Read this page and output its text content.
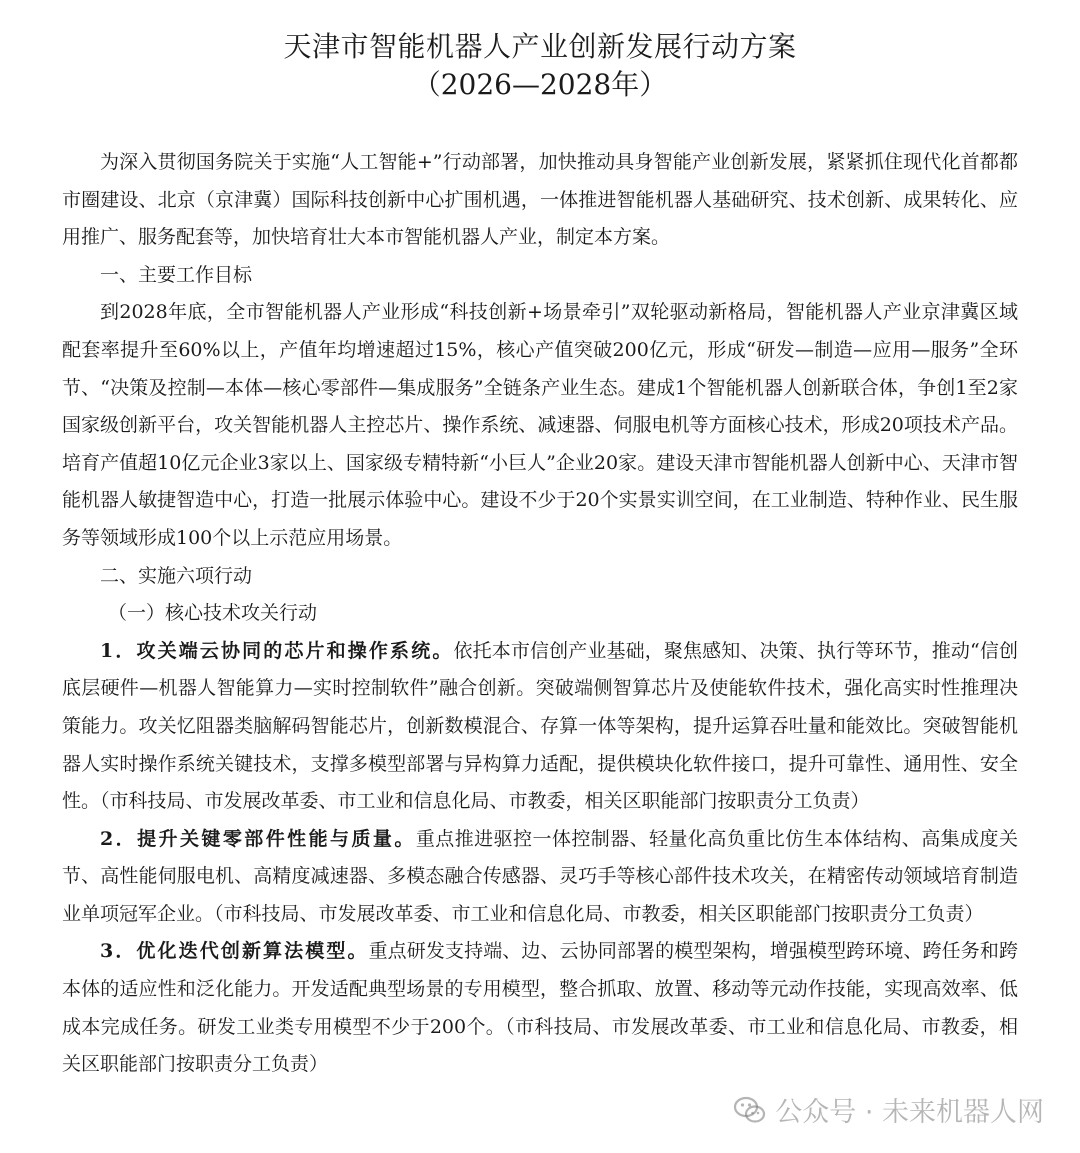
天津市智能机器人产业创新发展行动方案
（2026—2028年）

为深入贯彻国务院关于实施“人工智能+”行动部署，加快推动具身智能产业创新发展，紧紧抓住现代化首都都市圈建设、北京（京津冀）国际科技创新中心扩围机遇，一体推进智能机器人基础研究、技术创新、成果转化、应用推广、服务配套等，加快培育壮大本市智能机器人产业，制定本方案。

一、主要工作目标

到2028年底，全市智能机器人产业形成“科技创新+场景牵引”双轮驱动新格局，智能机器人产业京津冀区域配套率提升至60%以上，产值年均增速超过15%，核心产值突破200亿元，形成“研发—制造—应用—服务”全环节、“决策及控制—本体—核心零部件—集成服务”全链条产业生态。建成1个智能机器人创新联合体，争创1至2家国家级创新平台，攻关智能机器人主控芯片、操作系统、减速器、伺服电机等方面核心技术，形成20项技术产品。培育产值超10亿元企业3家以上、国家级专精特新“小巨人”企业20家。建设天津市智能机器人创新中心、天津市智能机器人敏捷智造中心，打造一批展示体验中心。建设不少于20个实景实训空间，在工业制造、特种作业、民生服务等领域形成100个以上示范应用场景。

二、实施六项行动

（一）核心技术攻关行动

1．攻关端云协同的芯片和操作系统。依托本市信创产业基础，聚焦感知、决策、执行等环节，推动“信创底层硬件—机器人智能算力—实时控制软件”融合创新。突破端侧智算芯片及使能软件技术，强化高实时性推理决策能力。攻关忆阻器类脑解码智能芯片，创新数模混合、存算一体等架构，提升运算吞吐量和能效比。突破智能机器人实时操作系统关键技术，支撑多模型部署与异构算力适配，提供模块化软件接口，提升可靠性、通用性、安全性。（市科技局、市发展改革委、市工业和信息化局、市教委，相关区职能部门按职责分工负责）

2．提升关键零部件性能与质量。重点推进驱控一体控制器、轻量化高负重比仿生本体结构、高集成度关节、高性能伺服电机、高精度减速器、多模态融合传感器、灵巧手等核心部件技术攻关，在精密传动领域培育制造业单项冠军企业。（市科技局、市发展改革委、市工业和信息化局、市教委，相关区职能部门按职责分工负责）

3．优化迭代创新算法模型。重点研发支持端、边、云协同部署的模型架构，增强模型跨环境、跨任务和跨本体的适应性和泛化能力。开发适配典型场景的专用模型，整合抓取、放置、移动等元动作技能，实现高效率、低成本完成任务。研发工业类专用模型不少于200个。（市科技局、市发展改革委、市工业和信息化局、市教委，相关区职能部门按职责分工负责）

公众号 · 未来机器人网
